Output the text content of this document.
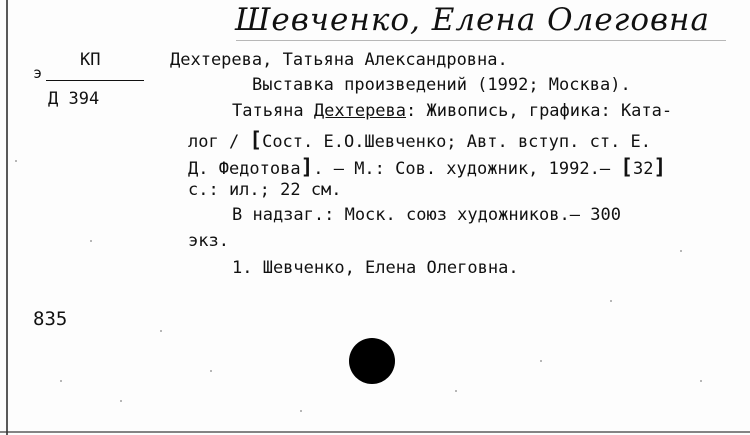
Шевченко, Елена Олеговна
э
КП
Д 394
Дехтерева, Татьяна Александровна.
Выставка произведений (1992; Москва).
Татьяна Дехтерева: Живопись, графика: Ката-
лог / [Сост. Е.О.Шевченко; Авт. вступ. ст. Е.
Д. Федотова]. – М.: Сов. художник, 1992.– [32]
с.: ил.; 22 см.
В надзаг.: Моск. союз художников.– 300
экз.
1. Шевченко, Елена Олеговна.
835
